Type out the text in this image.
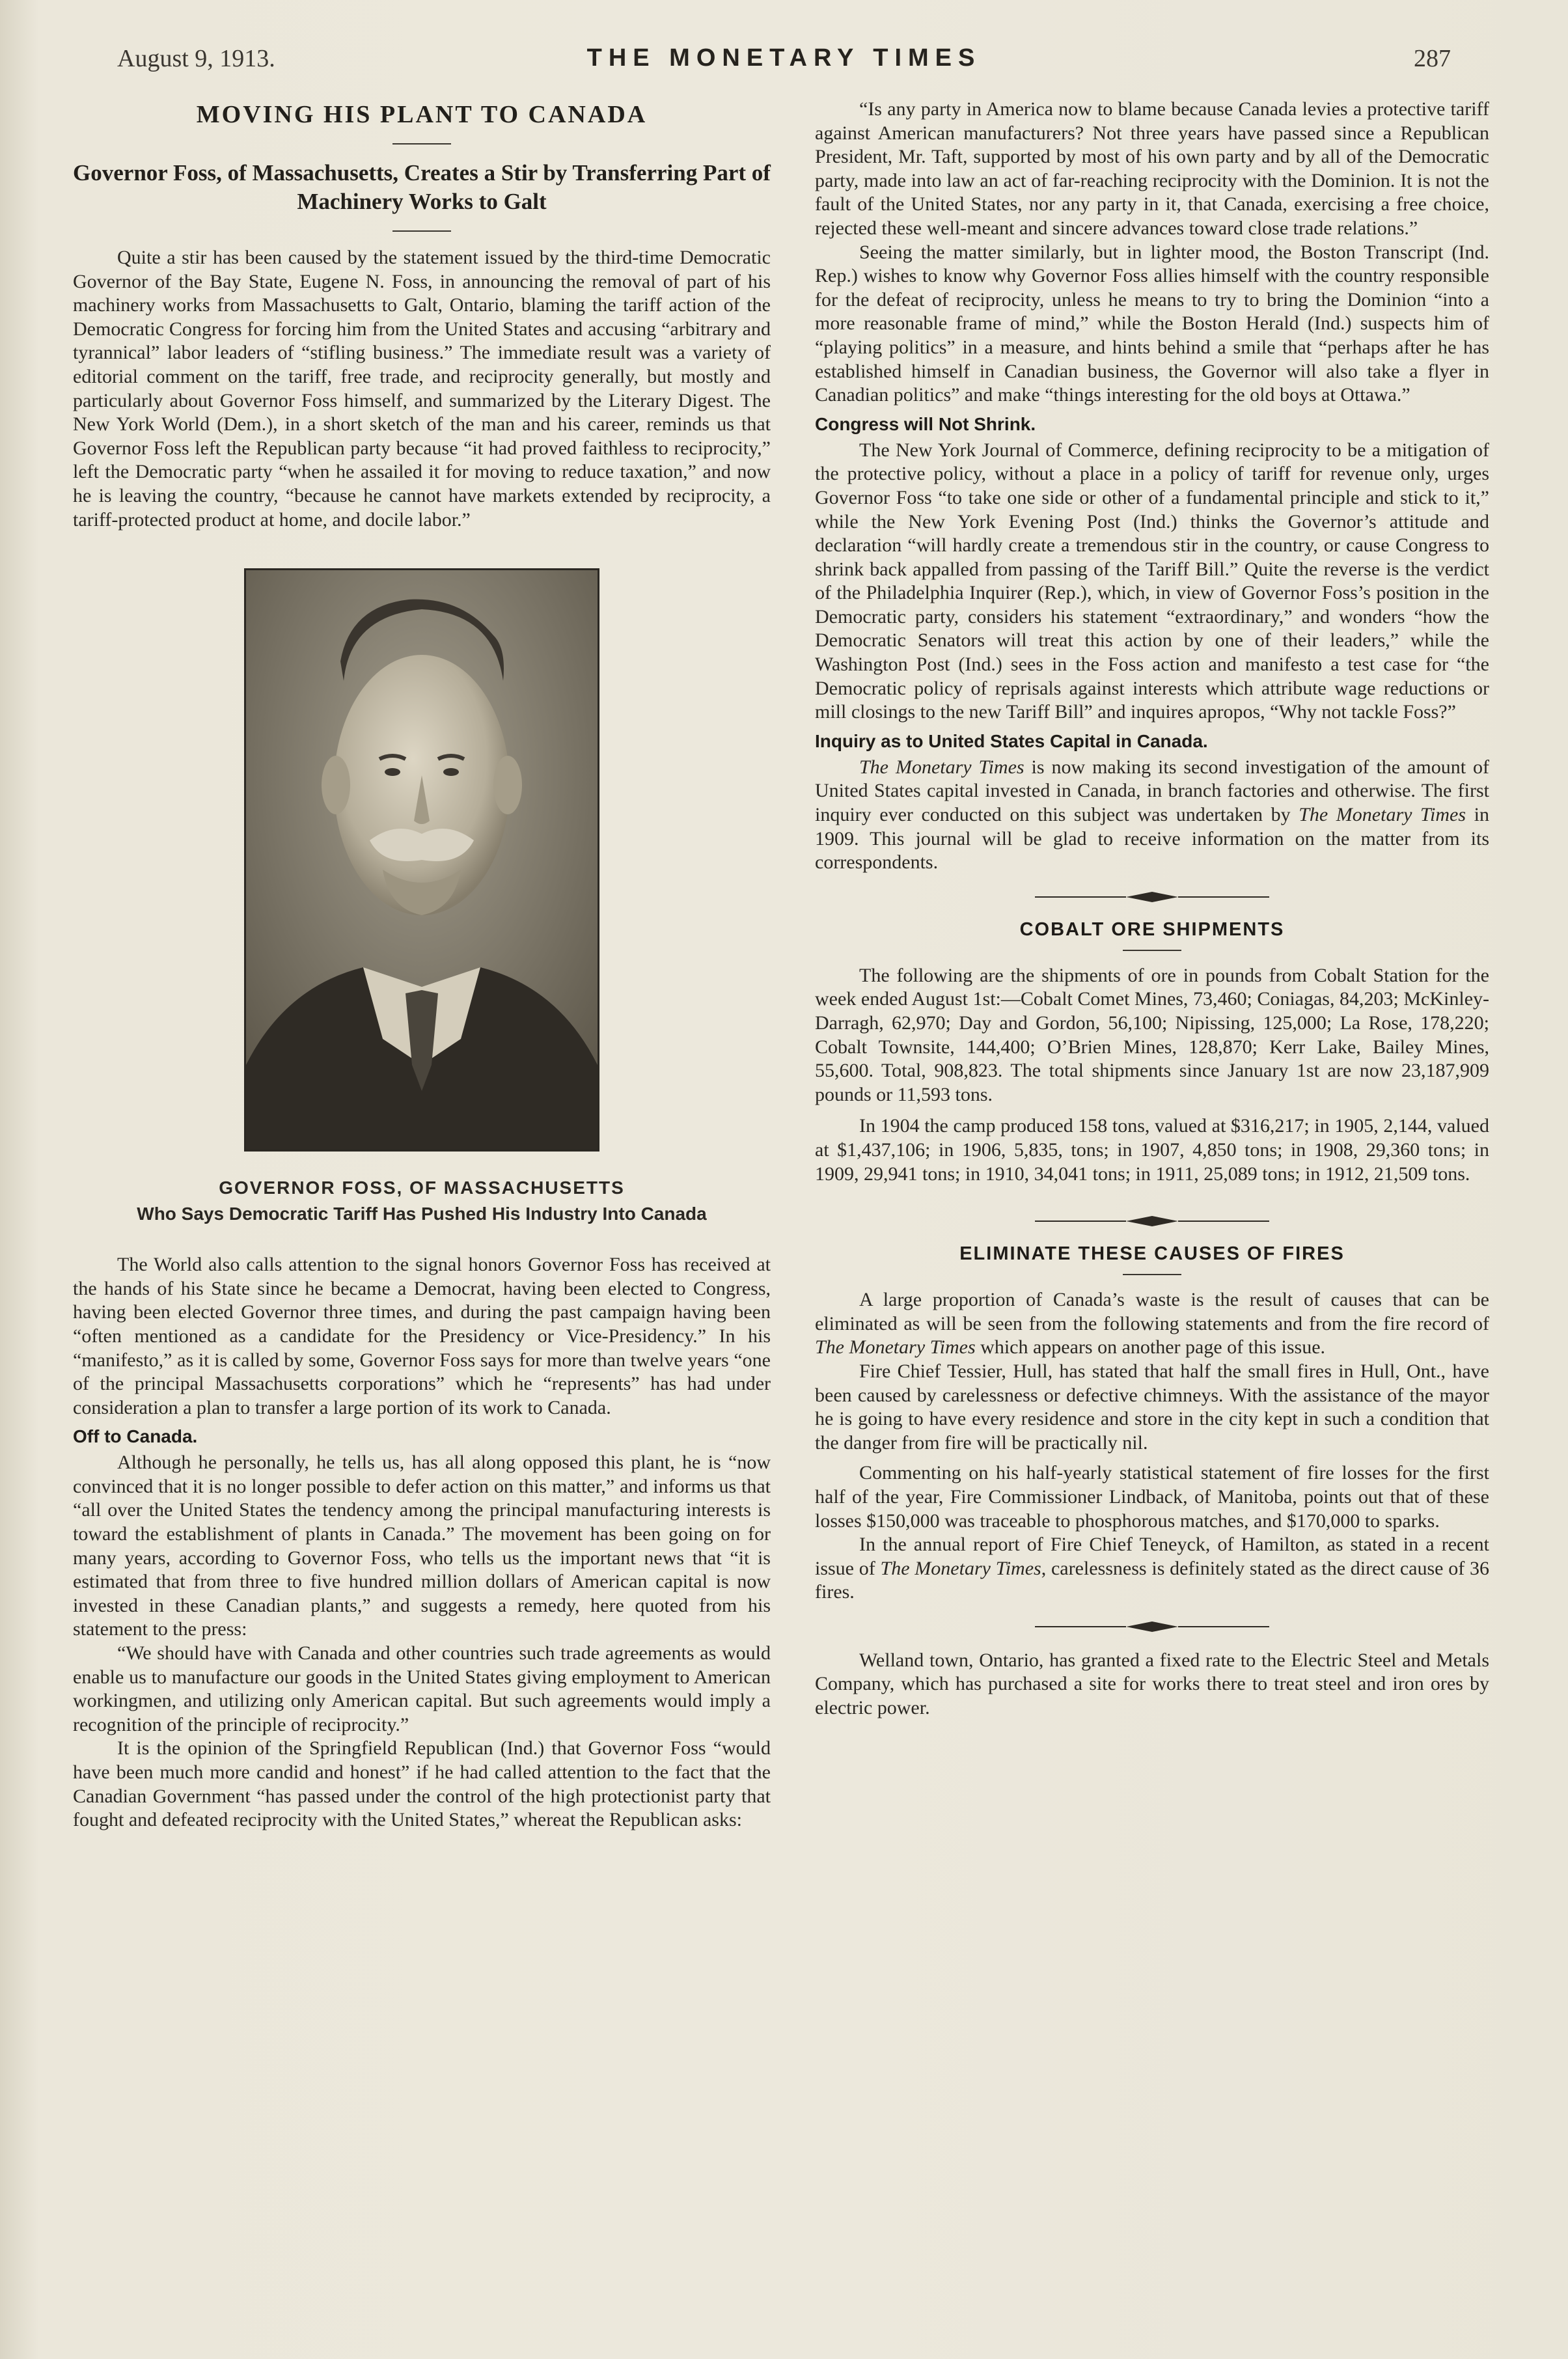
August 9, 1913.	THE MONETARY TIMES	287
MOVING HIS PLANT TO CANADA
Governor Foss, of Massachusetts, Creates a Stir by Transferring Part of Machinery Works to Galt

Quite a stir has been caused by the statement issued by the third-time Democratic Governor of the Bay State, Eugene N. Foss, in announcing the removal of part of his machinery works from Massachusetts to Galt, Ontario, blaming the tariff action of the Democratic Congress for forcing him from the United States and accusing “arbitrary and tyrannical” labor leaders of “stifling business.” The immediate result was a variety of editorial comment on the tariff, free trade, and reciprocity generally, but mostly and particularly about Governor Foss himself, and summarized by the Literary Digest. The New York World (Dem.), in a short sketch of the man and his career, reminds us that Governor Foss left the Republican party because “it had proved faithless to reciprocity,” left the Democratic party “when he assailed it for moving to reduce taxation,” and now he is leaving the country, “because he cannot have markets extended by reciprocity, a tariff-protected product at home, and docile labor.”

GOVERNOR FOSS, OF MASSACHUSETTS
Who Says Democratic Tariff Has Pushed His Industry Into Canada

The World also calls attention to the signal honors Governor Foss has received at the hands of his State since he became a Democrat, having been elected to Congress, having been elected Governor three times, and during the past campaign having been “often mentioned as a candidate for the Presidency or Vice-Presidency.” In his “manifesto,” as it is called by some, Governor Foss says for more than twelve years “one of the principal Massachusetts corporations” which he “represents” has had under consideration a plan to transfer a large portion of its work to Canada.

Off to Canada.

Although he personally, he tells us, has all along opposed this plant, he is “now convinced that it is no longer possible to defer action on this matter,” and informs us that “all over the United States the tendency among the principal manufacturing interests is toward the establishment of plants in Canada.” The movement has been going on for many years, according to Governor Foss, who tells us the important news that “it is estimated that from three to five hundred million dollars of American capital is now invested in these Canadian plants,” and suggests a remedy, here quoted from his statement to the press:

“We should have with Canada and other countries such trade agreements as would enable us to manufacture our goods in the United States giving employment to American workingmen, and utilizing only American capital. But such agreements would imply a recognition of the principle of reciprocity.”

It is the opinion of the Springfield Republican (Ind.) that Governor Foss “would have been much more candid and honest” if he had called attention to the fact that the Canadian Government “has passed under the control of the high protectionist party that fought and defeated reciprocity with the United States,” whereat the Republican asks:

“Is any party in America now to blame because Canada levies a protective tariff against American manufacturers? Not three years have passed since a Republican President, Mr. Taft, supported by most of his own party and by all of the Democratic party, made into law an act of far-reaching reciprocity with the Dominion. It is not the fault of the United States, nor any party in it, that Canada, exercising a free choice, rejected these well-meant and sincere advances toward close trade relations.”

Seeing the matter similarly, but in lighter mood, the Boston Transcript (Ind. Rep.) wishes to know why Governor Foss allies himself with the country responsible for the defeat of reciprocity, unless he means to try to bring the Dominion “into a more reasonable frame of mind,” while the Boston Herald (Ind.) suspects him of “playing politics” in a measure, and hints behind a smile that “perhaps after he has established himself in Canadian business, the Governor will also take a flyer in Canadian politics” and make “things interesting for the old boys at Ottawa.”

Congress will Not Shrink.

The New York Journal of Commerce, defining reciprocity to be a mitigation of the protective policy, without a place in a policy of tariff for revenue only, urges Governor Foss “to take one side or other of a fundamental principle and stick to it,” while the New York Evening Post (Ind.) thinks the Governor’s attitude and declaration “will hardly create a tremendous stir in the country, or cause Congress to shrink back appalled from passing of the Tariff Bill.” Quite the reverse is the verdict of the Philadelphia Inquirer (Rep.), which, in view of Governor Foss’s position in the Democratic party, considers his statement “extraordinary,” and wonders “how the Democratic Senators will treat this action by one of their leaders,” while the Washington Post (Ind.) sees in the Foss action and manifesto a test case for “the Democratic policy of reprisals against interests which attribute wage reductions or mill closings to the new Tariff Bill” and inquires apropos, “Why not tackle Foss?”

Inquiry as to United States Capital in Canada.

The Monetary Times is now making its second investigation of the amount of United States capital invested in Canada, in branch factories and otherwise. The first inquiry ever conducted on this subject was undertaken by The Monetary Times in 1909. This journal will be glad to receive information on the matter from its correspondents.

COBALT ORE SHIPMENTS

The following are the shipments of ore in pounds from Cobalt Station for the week ended August 1st:—Cobalt Comet Mines, 73,460; Coniagas, 84,203; McKinley-Darragh, 62,970; Day and Gordon, 56,100; Nipissing, 125,000; La Rose, 178,220; Cobalt Townsite, 144,400; O’Brien Mines, 128,870; Kerr Lake, Bailey Mines, 55,600. Total, 908,823. The total shipments since January 1st are now 23,187,909 pounds or 11,593 tons.

In 1904 the camp produced 158 tons, valued at $316,217; in 1905, 2,144, valued at $1,437,106; in 1906, 5,835, tons; in 1907, 4,850 tons; in 1908, 29,360 tons; in 1909, 29,941 tons; in 1910, 34,041 tons; in 1911, 25,089 tons; in 1912, 21,509 tons.

ELIMINATE THESE CAUSES OF FIRES

A large proportion of Canada’s waste is the result of causes that can be eliminated as will be seen from the following statements and from the fire record of The Monetary Times which appears on another page of this issue.

Fire Chief Tessier, Hull, has stated that half the small fires in Hull, Ont., have been caused by carelessness or defective chimneys. With the assistance of the mayor he is going to have every residence and store in the city kept in such a condition that the danger from fire will be practically nil.

Commenting on his half-yearly statistical statement of fire losses for the first half of the year, Fire Commissioner Lindback, of Manitoba, points out that of these losses $150,000 was traceable to phosphorous matches, and $170,000 to sparks.

In the annual report of Fire Chief Teneyck, of Hamilton, as stated in a recent issue of The Monetary Times, carelessness is definitely stated as the direct cause of 36 fires.

Welland town, Ontario, has granted a fixed rate to the Electric Steel and Metals Company, which has purchased a site for works there to treat steel and iron ores by electric power.
